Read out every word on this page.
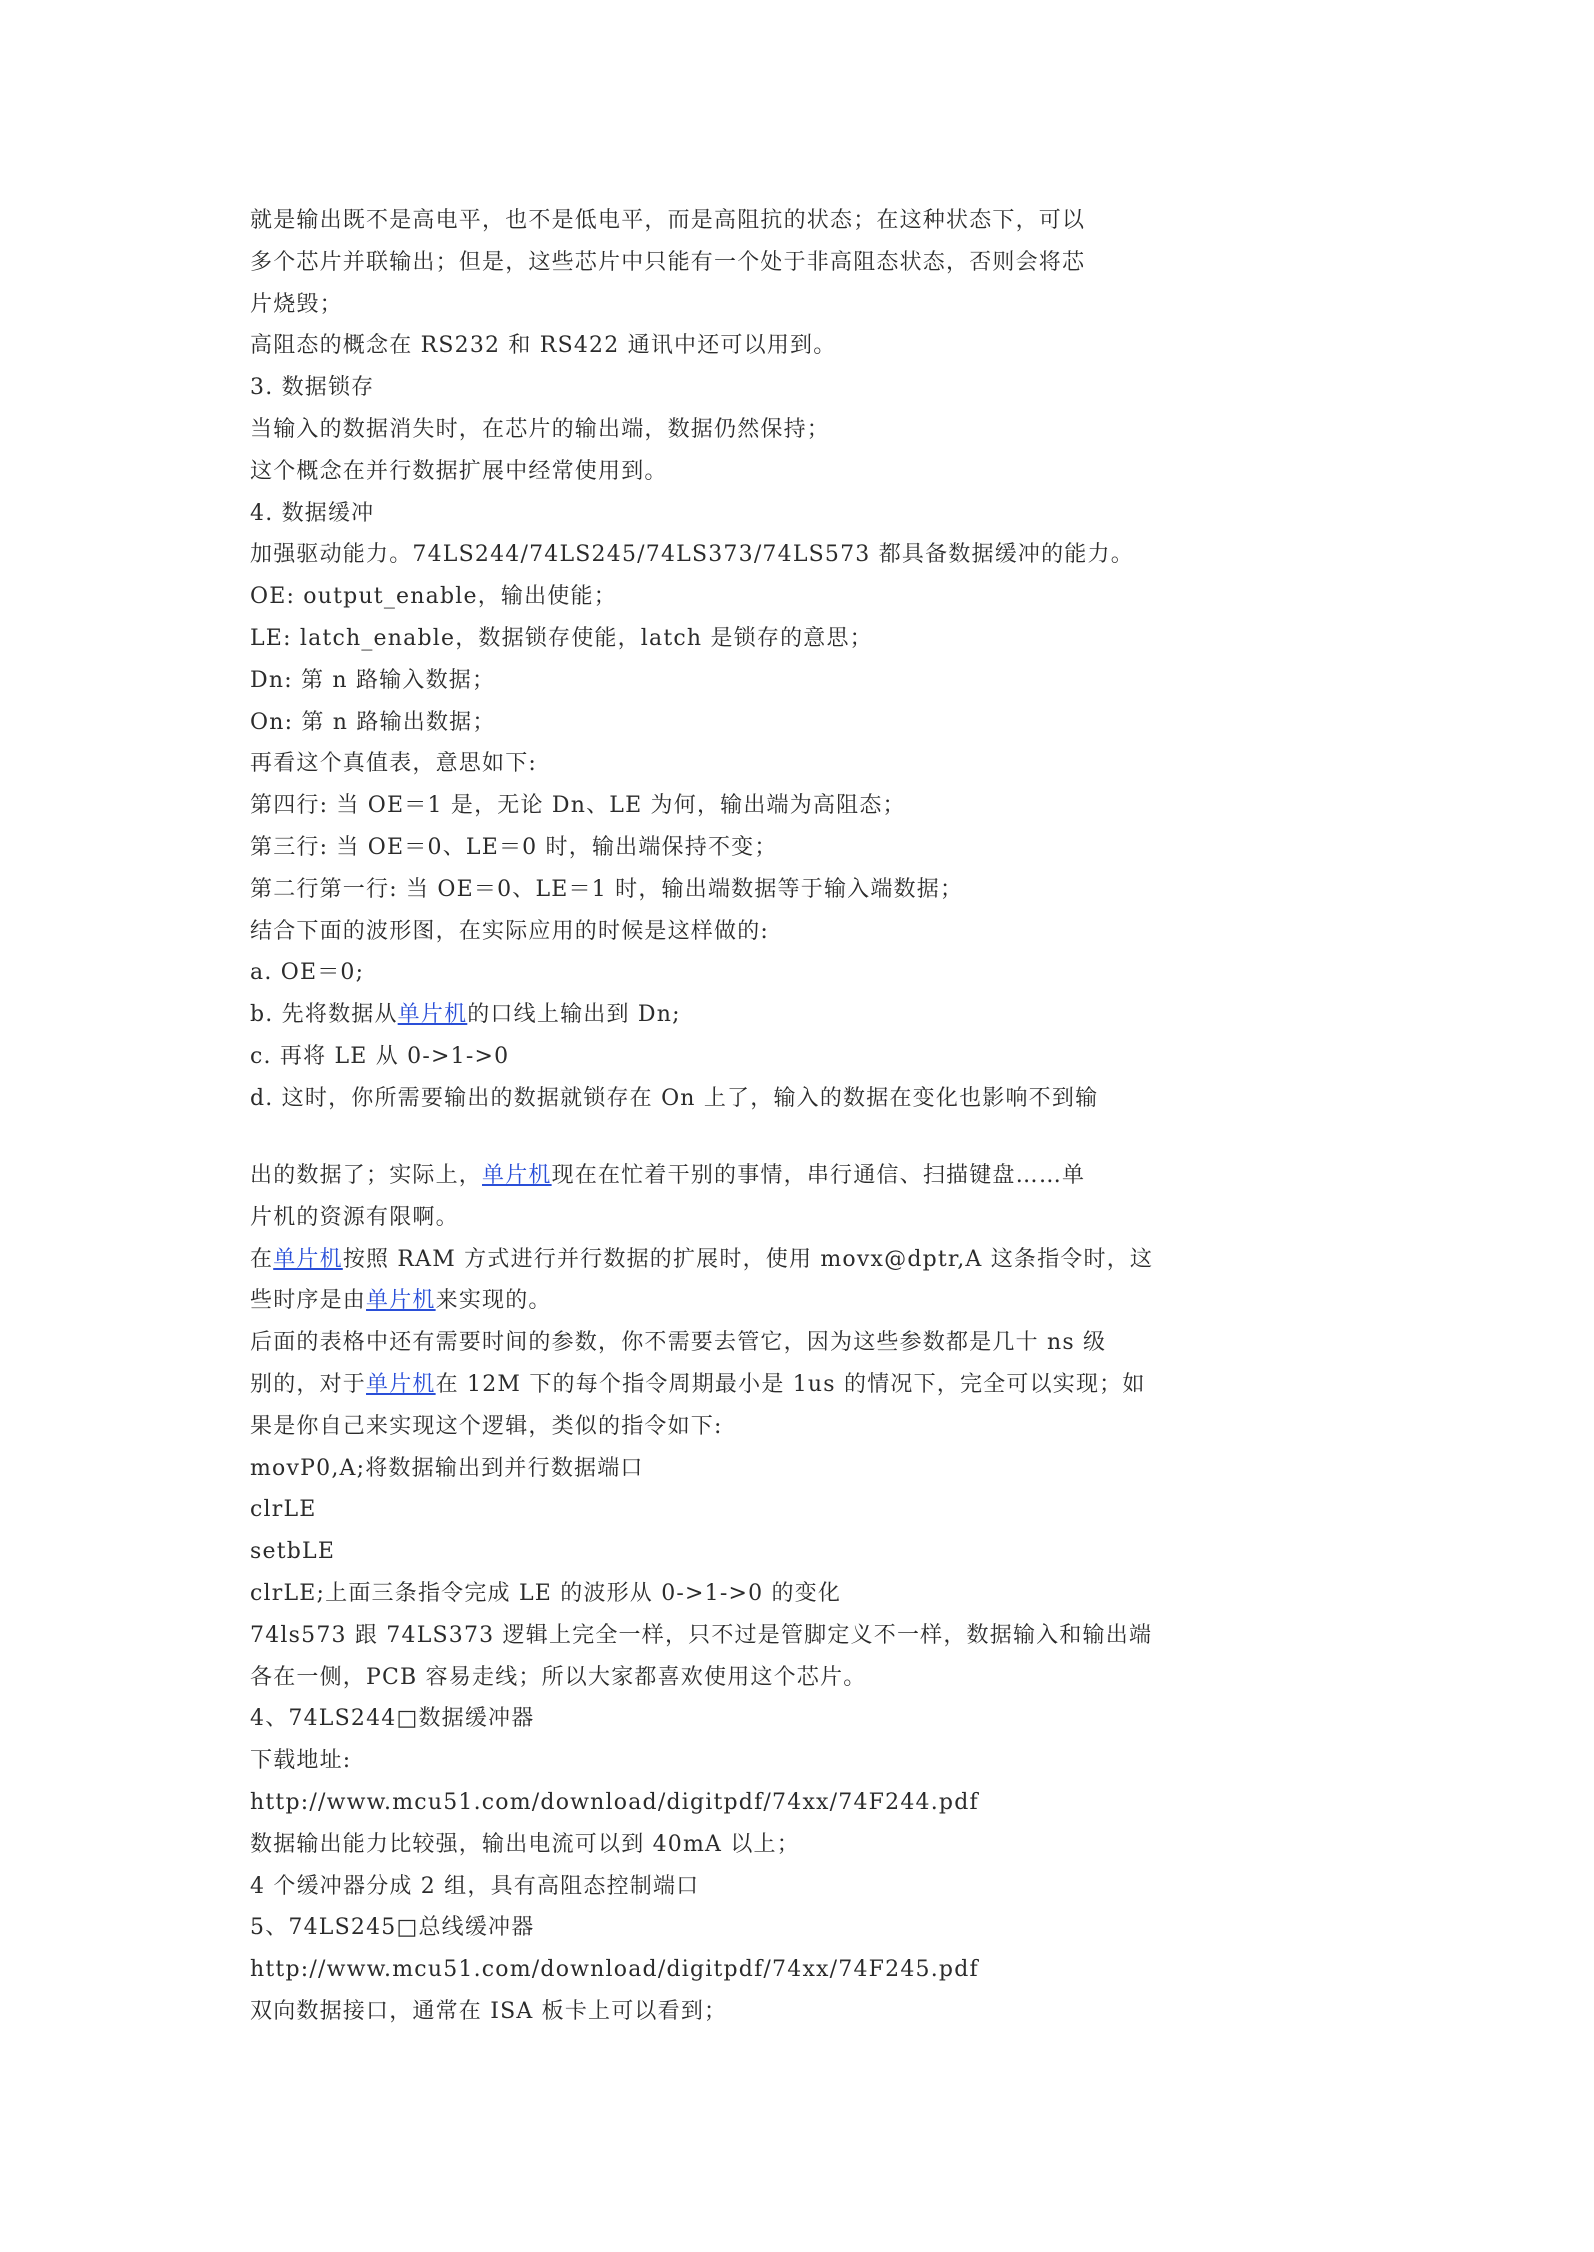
就是输出既不是高电平，也不是低电平，而是高阻抗的状态；在这种状态下，可以
多个芯片并联输出；但是，这些芯片中只能有一个处于非高阻态状态，否则会将芯
片烧毁；
高阻态的概念在 RS232 和 RS422 通讯中还可以用到。
3. 数据锁存
当输入的数据消失时，在芯片的输出端，数据仍然保持；
这个概念在并行数据扩展中经常使用到。
4. 数据缓冲
加强驱动能力。74LS244/74LS245/74LS373/74LS573 都具备数据缓冲的能力。
OE: output_enable，输出使能；
LE: latch_enable，数据锁存使能，latch 是锁存的意思；
Dn: 第 n 路输入数据；
On: 第 n 路输出数据；
再看这个真值表，意思如下:
第四行: 当 OE＝1 是，无论 Dn、LE 为何，输出端为高阻态；
第三行: 当 OE＝0、LE＝0 时，输出端保持不变；
第二行第一行: 当 OE＝0、LE＝1 时，输出端数据等于输入端数据；
结合下面的波形图，在实际应用的时候是这样做的:
a. OE＝0;
b. 先将数据从单片机的口线上输出到 Dn;
c. 再将 LE 从 0->1->0
d. 这时，你所需要输出的数据就锁存在 On 上了，输入的数据在变化也影响不到输
出的数据了；实际上，单片机现在在忙着干别的事情，串行通信、扫描键盘……单
片机的资源有限啊。
在单片机按照 RAM 方式进行并行数据的扩展时，使用 movx@dptr,A 这条指令时，这
些时序是由单片机来实现的。
后面的表格中还有需要时间的参数，你不需要去管它，因为这些参数都是几十 ns 级
别的，对于单片机在 12M 下的每个指令周期最小是 1us 的情况下，完全可以实现；如
果是你自己来实现这个逻辑，类似的指令如下:
movP0,A;将数据输出到并行数据端口
clrLE
setbLE
clrLE;上面三条指令完成 LE 的波形从 0->1->0 的变化
74ls573 跟 74LS373 逻辑上完全一样，只不过是管脚定义不一样，数据输入和输出端
各在一侧，PCB 容易走线；所以大家都喜欢使用这个芯片。
4、74LS244□数据缓冲器
下载地址:
http://www.mcu51.com/download/digitpdf/74xx/74F244.pdf
数据输出能力比较强，输出电流可以到 40mA 以上；
4 个缓冲器分成 2 组，具有高阻态控制端口
5、74LS245□总线缓冲器
http://www.mcu51.com/download/digitpdf/74xx/74F245.pdf
双向数据接口，通常在 ISA 板卡上可以看到；
